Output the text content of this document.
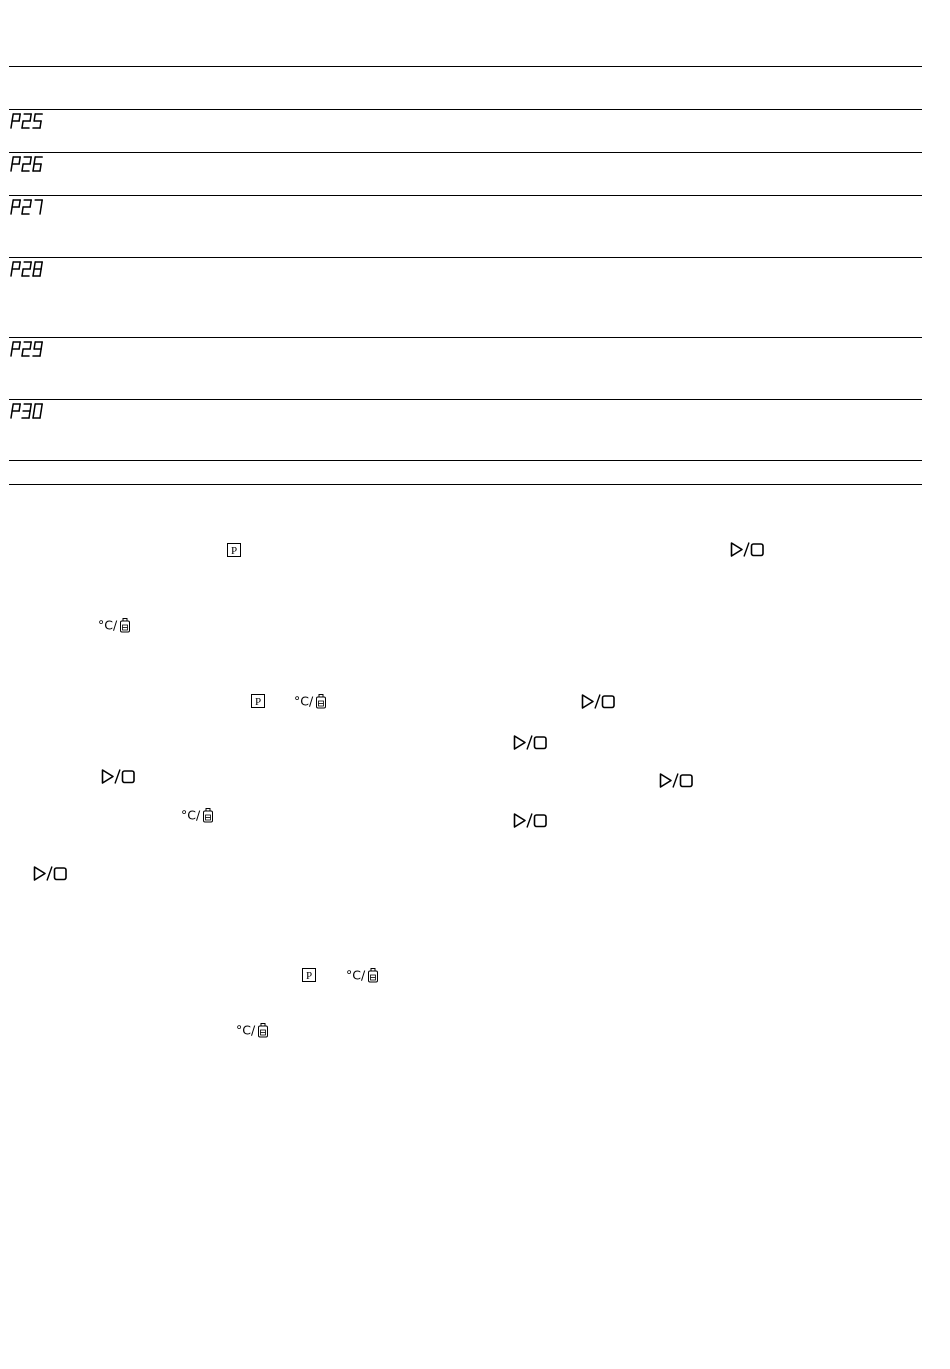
P
P
P
°C/
°C/
°C/
°C/
°C/
